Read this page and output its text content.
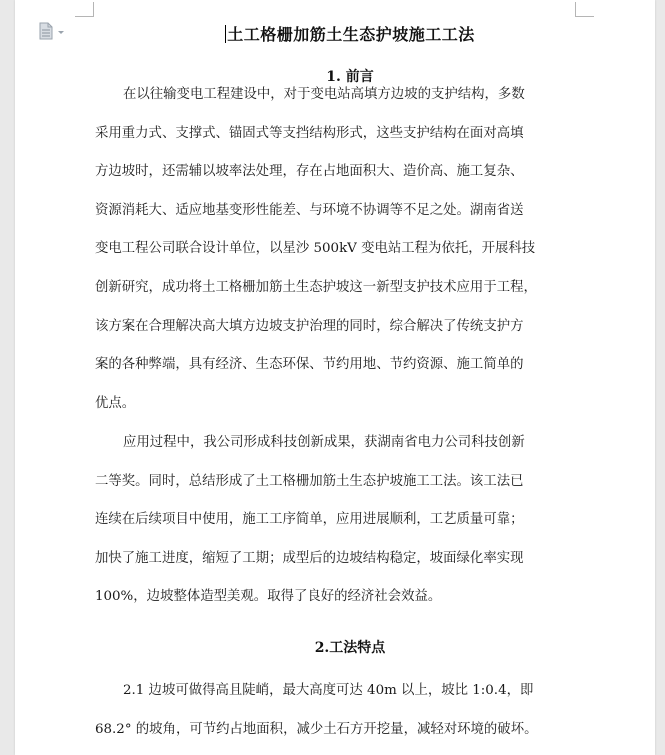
土工格栅加筋土生态护坡施工工法
1. 前言
在以往输变电工程建设中，对于变电站高填方边坡的支护结构，多数
采用重力式、支撑式、锚固式等支挡结构形式，这些支护结构在面对高填
方边坡时，还需辅以坡率法处理，存在占地面积大、造价高、施工复杂、
资源消耗大、适应地基变形性能差、与环境不协调等不足之处。湖南省送
变电工程公司联合设计单位，以星沙 500kV 变电站工程为依托，开展科技
创新研究，成功将土工格栅加筋土生态护坡这一新型支护技术应用于工程，
该方案在合理解决高大填方边坡支护治理的同时，综合解决了传统支护方
案的各种弊端，具有经济、生态环保、节约用地、节约资源、施工简单的
优点。
应用过程中，我公司形成科技创新成果，获湖南省电力公司科技创新
二等奖。同时，总结形成了土工格栅加筋土生态护坡施工工法。该工法已
连续在后续项目中使用，施工工序简单，应用进展顺利，工艺质量可靠；
加快了施工进度，缩短了工期；成型后的边坡结构稳定，坡面绿化率实现
100%，边坡整体造型美观。取得了良好的经济社会效益。
2.工法特点
2.1 边坡可做得高且陡峭，最大高度可达 40m 以上，坡比 1:0.4，即
68.2° 的坡角，可节约占地面积，减少土石方开挖量，减轻对环境的破坏。
